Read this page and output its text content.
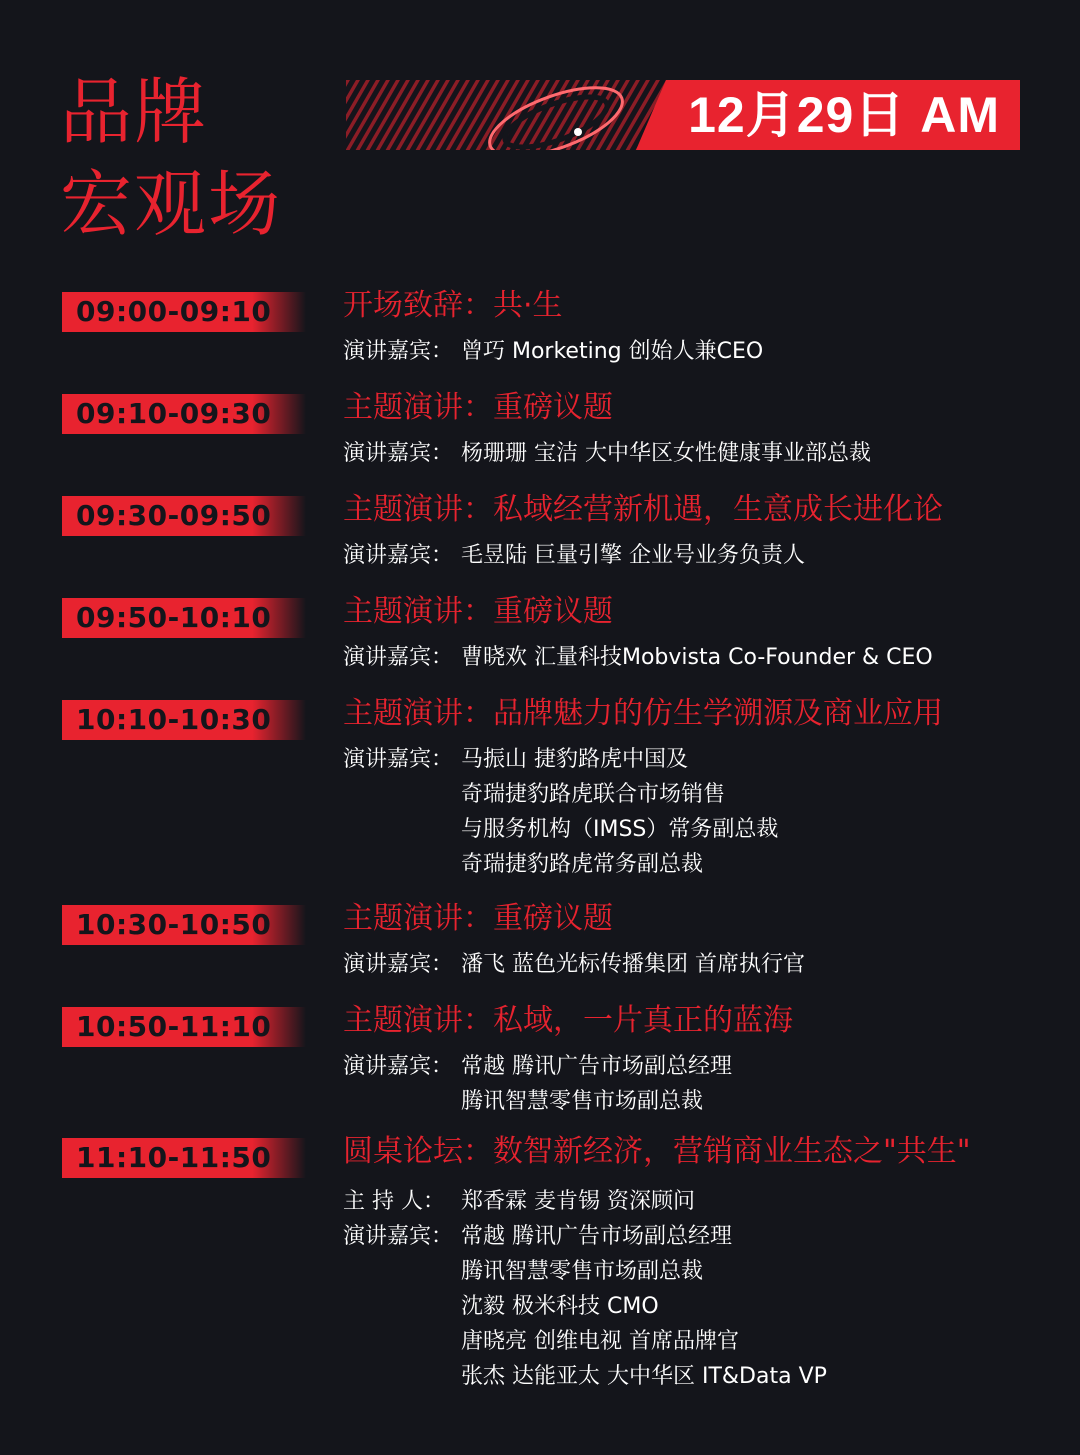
品牌
宏观场
12月29日 AM
09:00-09:10 开场致辞：共·生
演讲嘉宾： 曾巧 Morketing 创始人兼CEO
09:10-09:30 主题演讲：重磅议题
演讲嘉宾： 杨珊珊 宝洁 大中华区女性健康事业部总裁
09:30-09:50 主题演讲：私域经营新机遇，生意成长进化论
演讲嘉宾： 毛昱陆 巨量引擎 企业号业务负责人
09:50-10:10 主题演讲：重磅议题
演讲嘉宾： 曹晓欢 汇量科技Mobvista Co-Founder & CEO
10:10-10:30 主题演讲：品牌魅力的仿生学溯源及商业应用
演讲嘉宾： 马振山 捷豹路虎中国及
奇瑞捷豹路虎联合市场销售
与服务机构（IMSS）常务副总裁
奇瑞捷豹路虎常务副总裁
10:30-10:50 主题演讲：重磅议题
演讲嘉宾： 潘飞 蓝色光标传播集团 首席执行官
10:50-11:10 主题演讲：私域，一片真正的蓝海
演讲嘉宾： 常越 腾讯广告市场副总经理
腾讯智慧零售市场副总裁
11:10-11:50 圆桌论坛：数智新经济，营销商业生态之"共生"
主 持 人： 郑香霖 麦肯锡 资深顾问
演讲嘉宾： 常越 腾讯广告市场副总经理
腾讯智慧零售市场副总裁
沈毅 极米科技 CMO
唐晓亮 创维电视 首席品牌官
张杰 达能亚太 大中华区 IT&Data VP
